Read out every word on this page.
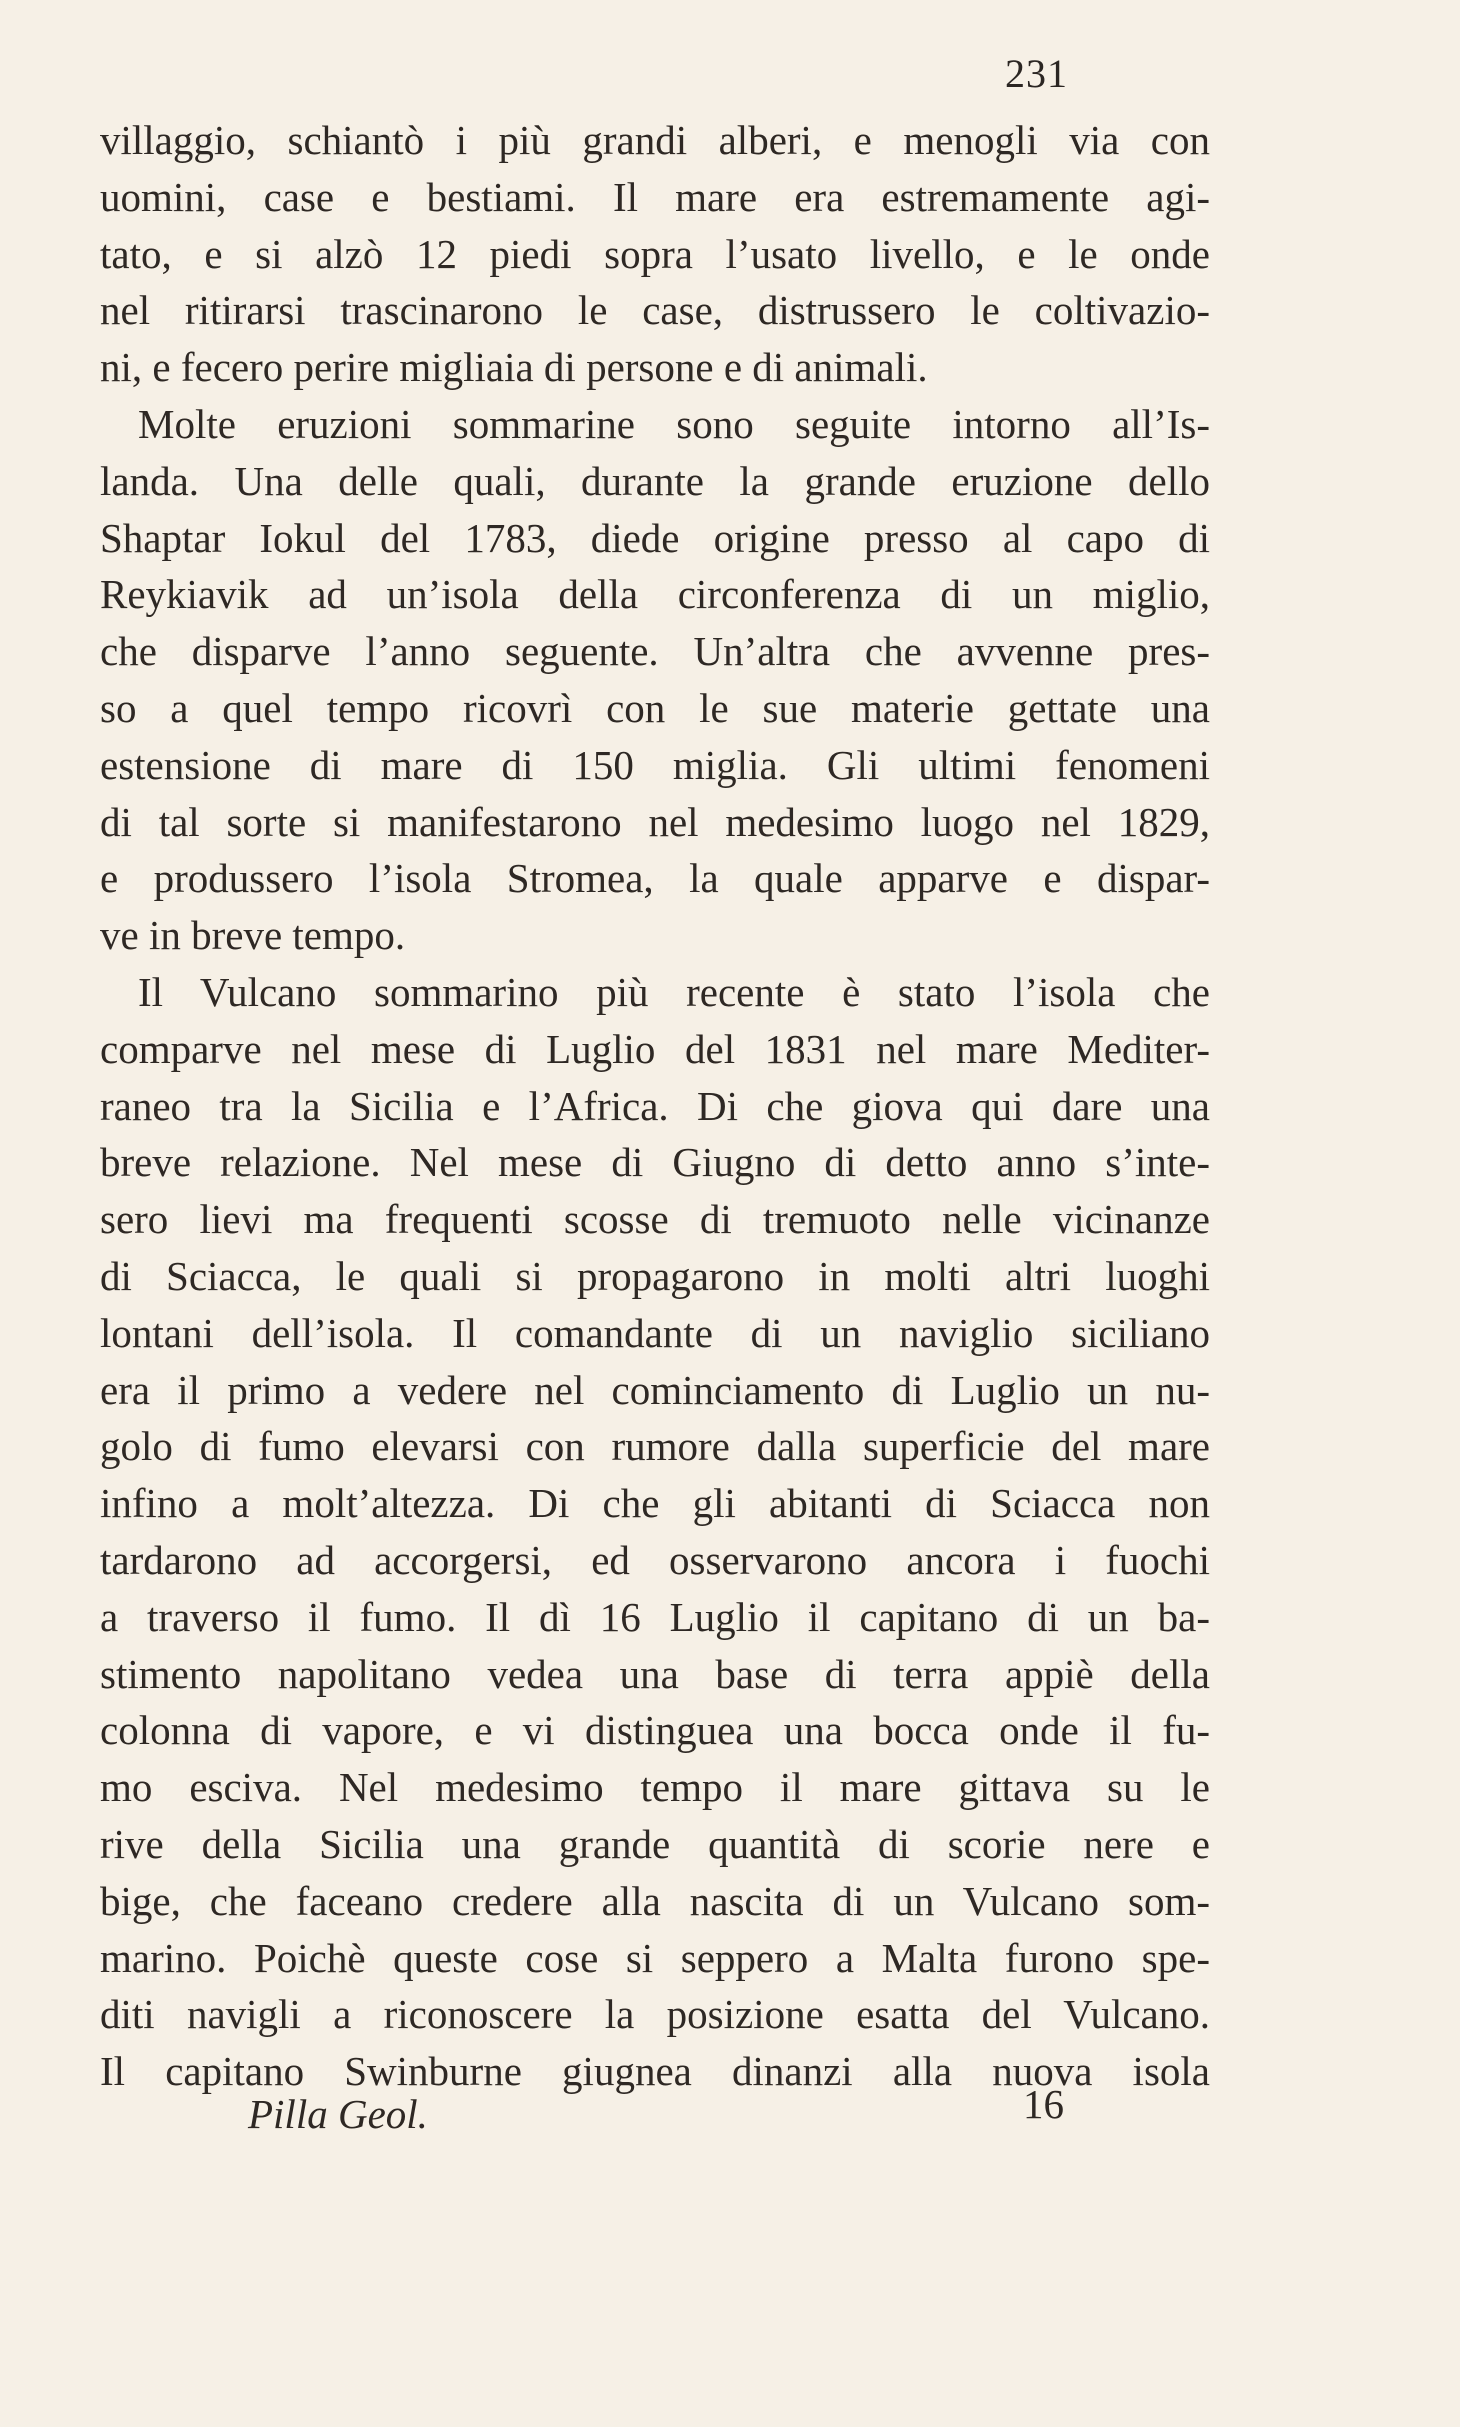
231
villaggio, schiantò i più grandi alberi, e menogli via con
uomini, case e bestiami. Il mare era estremamente agi-
tato, e si alzò 12 piedi sopra l’usato livello, e le onde
nel ritirarsi trascinarono le case, distrussero le coltivazio-
ni, e fecero perire migliaia di persone e di animali.
Molte eruzioni sommarine sono seguite intorno all’Is-
landa. Una delle quali, durante la grande eruzione dello
Shaptar Iokul del 1783, diede origine presso al capo di
Reykiavik ad un’isola della circonferenza di un miglio,
che disparve l’anno seguente. Un’altra che avvenne pres-
so a quel tempo ricovrì con le sue materie gettate una
estensione di mare di 150 miglia. Gli ultimi fenomeni
di tal sorte si manifestarono nel medesimo luogo nel 1829,
e produssero l’isola Stromea, la quale apparve e dispar-
ve in breve tempo.
Il Vulcano sommarino più recente è stato l’isola che
comparve nel mese di Luglio del 1831 nel mare Mediter-
raneo tra la Sicilia e l’Africa. Di che giova qui dare una
breve relazione. Nel mese di Giugno di detto anno s’inte-
sero lievi ma frequenti scosse di tremuoto nelle vicinanze
di Sciacca, le quali si propagarono in molti altri luoghi
lontani dell’isola. Il comandante di un naviglio siciliano
era il primo a vedere nel cominciamento di Luglio un nu-
golo di fumo elevarsi con rumore dalla superficie del mare
infino a molt’altezza. Di che gli abitanti di Sciacca non
tardarono ad accorgersi, ed osservarono ancora i fuochi
a traverso il fumo. Il dì 16 Luglio il capitano di un ba-
stimento napolitano vedea una base di terra appiè della
colonna di vapore, e vi distinguea una bocca onde il fu-
mo esciva. Nel medesimo tempo il mare gittava su le
rive della Sicilia una grande quantità di scorie nere e
bige, che faceano credere alla nascita di un Vulcano som-
marino. Poichè queste cose si seppero a Malta furono spe-
diti navigli a riconoscere la posizione esatta del Vulcano.
Il capitano Swinburne giugnea dinanzi alla nuova isola
Pilla Geol.	16
